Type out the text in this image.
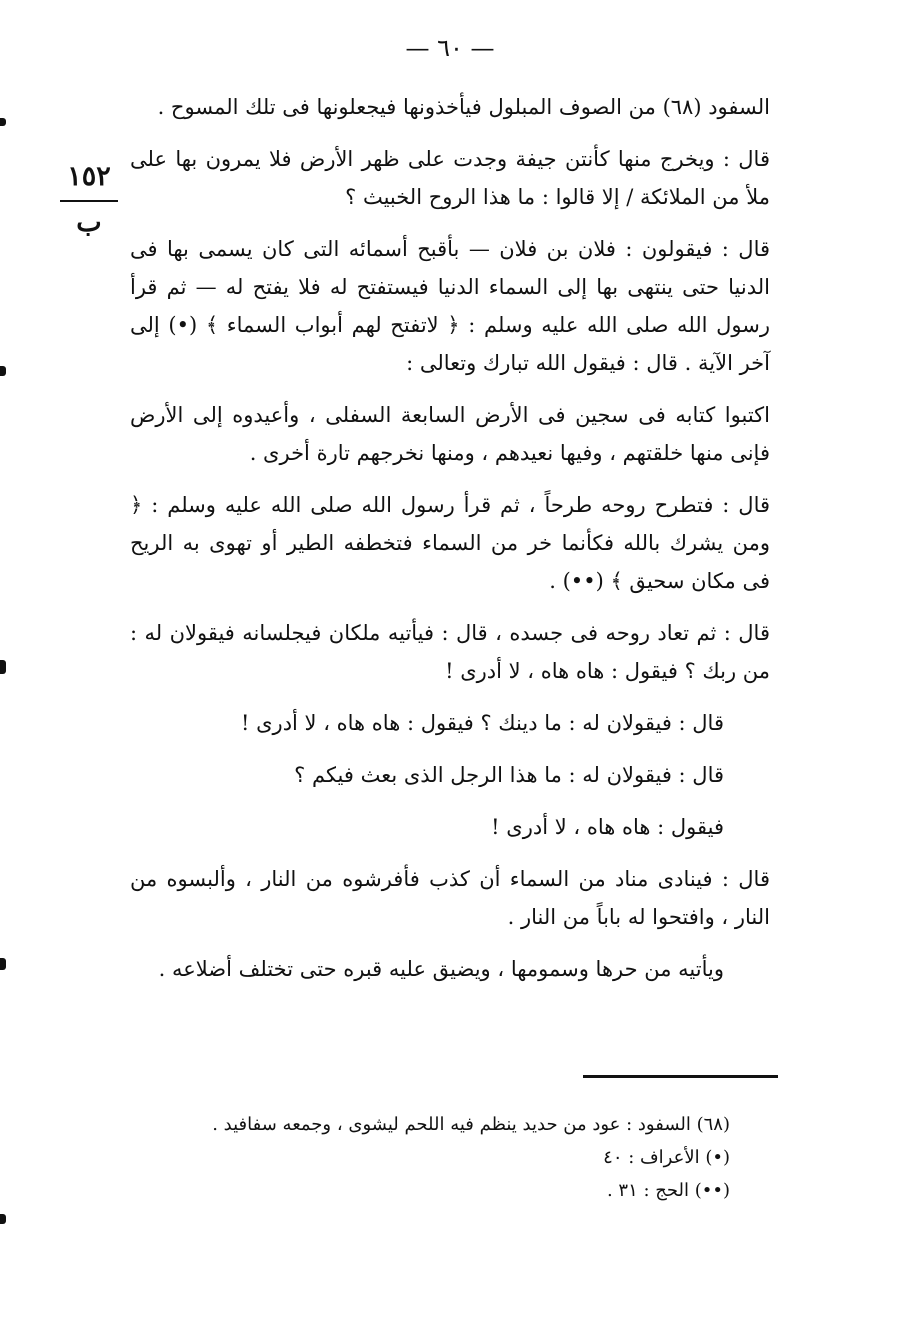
— ٦٠ —
١٥٢
ب

السفود (٦٨) من الصوف المبلول فيأخذونها فيجعلونها فى تلك المسوح .

قال : ويخرج منها كأنتن جيفة وجدت على ظهر الأرض فلا يمرون بها على ملأ من الملائكة / إلا قالوا : ما هذا الروح الخبيث ؟

قال : فيقولون : فلان بن فلان — بأقبح أسمائه التى كان يسمى بها فى الدنيا حتى ينتهى بها إلى السماء الدنيا فيستفتح له فلا يفتح له — ثم قرأ رسول الله صلى الله عليه وسلم : ﴿ لاتفتح لهم أبواب السماء ﴾ (•) إلى آخر الآية . قال : فيقول الله تبارك وتعالى :

اكتبوا كتابه فى سجين فى الأرض السابعة السفلى ، وأعيدوه إلى الأرض فإنى منها خلقتهم ، وفيها نعيدهم ، ومنها نخرجهم تارة أخرى .

قال : فتطرح روحه طرحاً ، ثم قرأ رسول الله صلى الله عليه وسلم : ﴿ ومن يشرك بالله فكأنما خر من السماء فتخطفه الطير أو تهوى به الريح فى مكان سحيق ﴾ (••) .

قال : ثم تعاد روحه فى جسده ، قال : فيأتيه ملكان فيجلسانه فيقولان له : من ربك ؟ فيقول : هاه هاه ، لا أدرى !

قال : فيقولان له : ما دينك ؟ فيقول : هاه هاه ، لا أدرى !

قال : فيقولان له : ما هذا الرجل الذى بعث فيكم ؟

فيقول : هاه هاه ، لا أدرى !

قال : فينادى مناد من السماء أن كذب فأفرشوه من النار ، وألبسوه من النار ، وافتحوا له باباً من النار .

ويأتيه من حرها وسمومها ، ويضيق عليه قبره حتى تختلف أضلاعه .

(٦٨) السفود : عود من حديد ينظم فيه اللحم ليشوى ، وجمعه سفافيد .

(•) الأعراف : ٤٠

(••) الحج : ٣١ .
